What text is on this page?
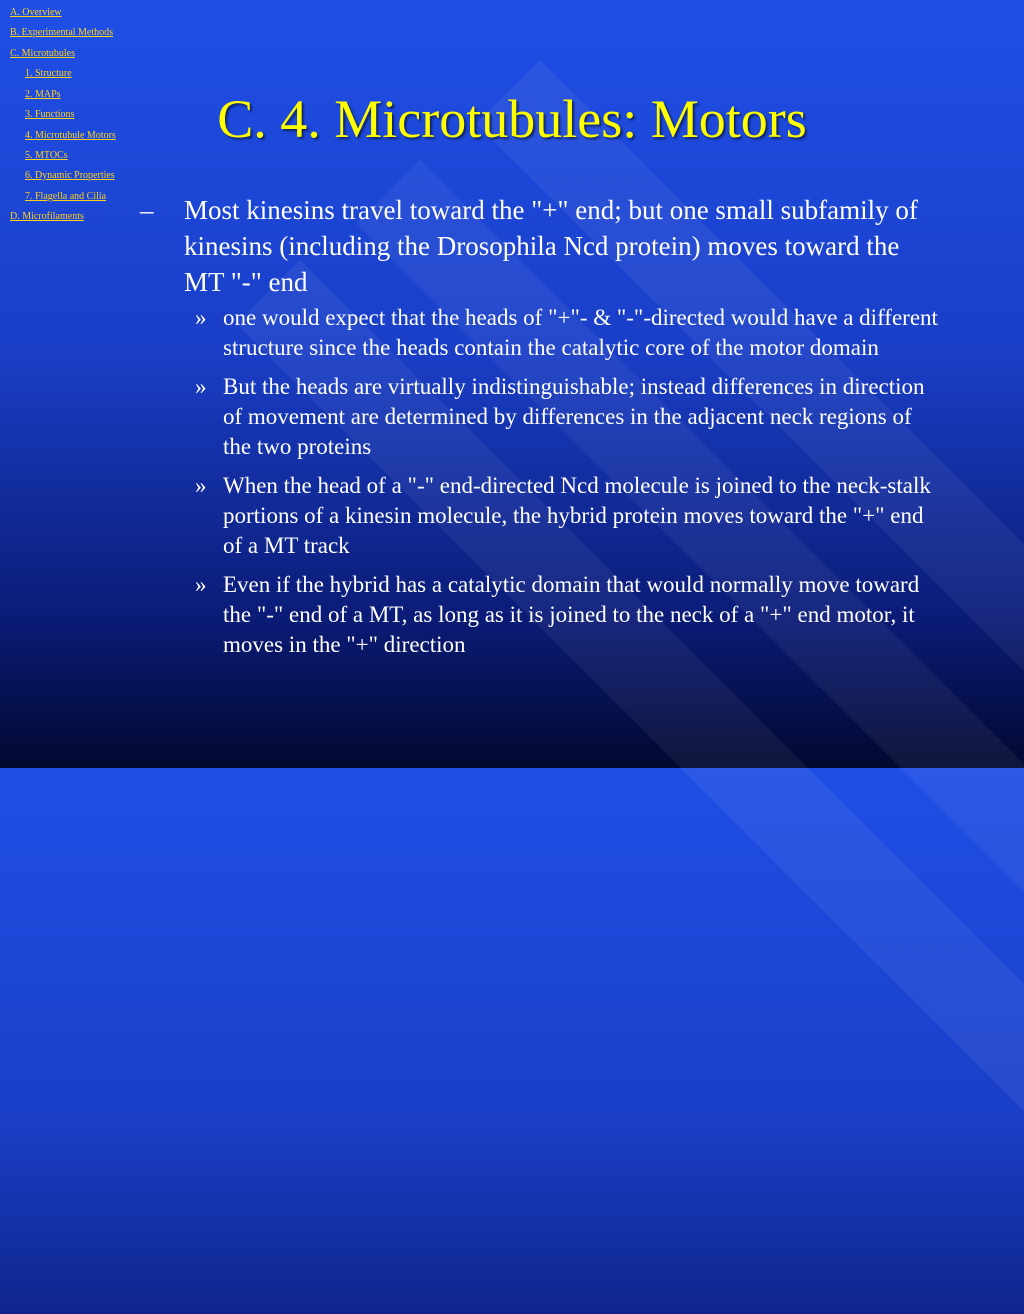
A. Overview
B. Experimental Methods
C. Microtubules
1. Structure
2. MAPs
3. Functions
4. Microtubule Motors
5. MTOCs
6. Dynamic Properties
7. Flagella and Cilia
D. Microfilaments
C. 4. Microtubules: Motors
– Most kinesins travel toward the "+" end; but one small subfamily of kinesins (including the Drosophila Ncd protein) moves toward the MT "-" end
» one would expect that the heads of "+"- & "-"-directed would have a different structure since the heads contain the catalytic core of the motor domain
» But the heads are virtually indistinguishable; instead differences in direction of movement are determined by differences in the adjacent neck regions of the two proteins
» When the head of a "-" end-directed Ncd molecule is joined to the neck-stalk portions of a kinesin molecule, the hybrid protein moves toward the "+" end of a MT track
» Even if the hybrid has a catalytic domain that would normally move toward the "-" end of a MT, as long as it is joined to the neck of a "+" end motor, it moves in the "+" direction
